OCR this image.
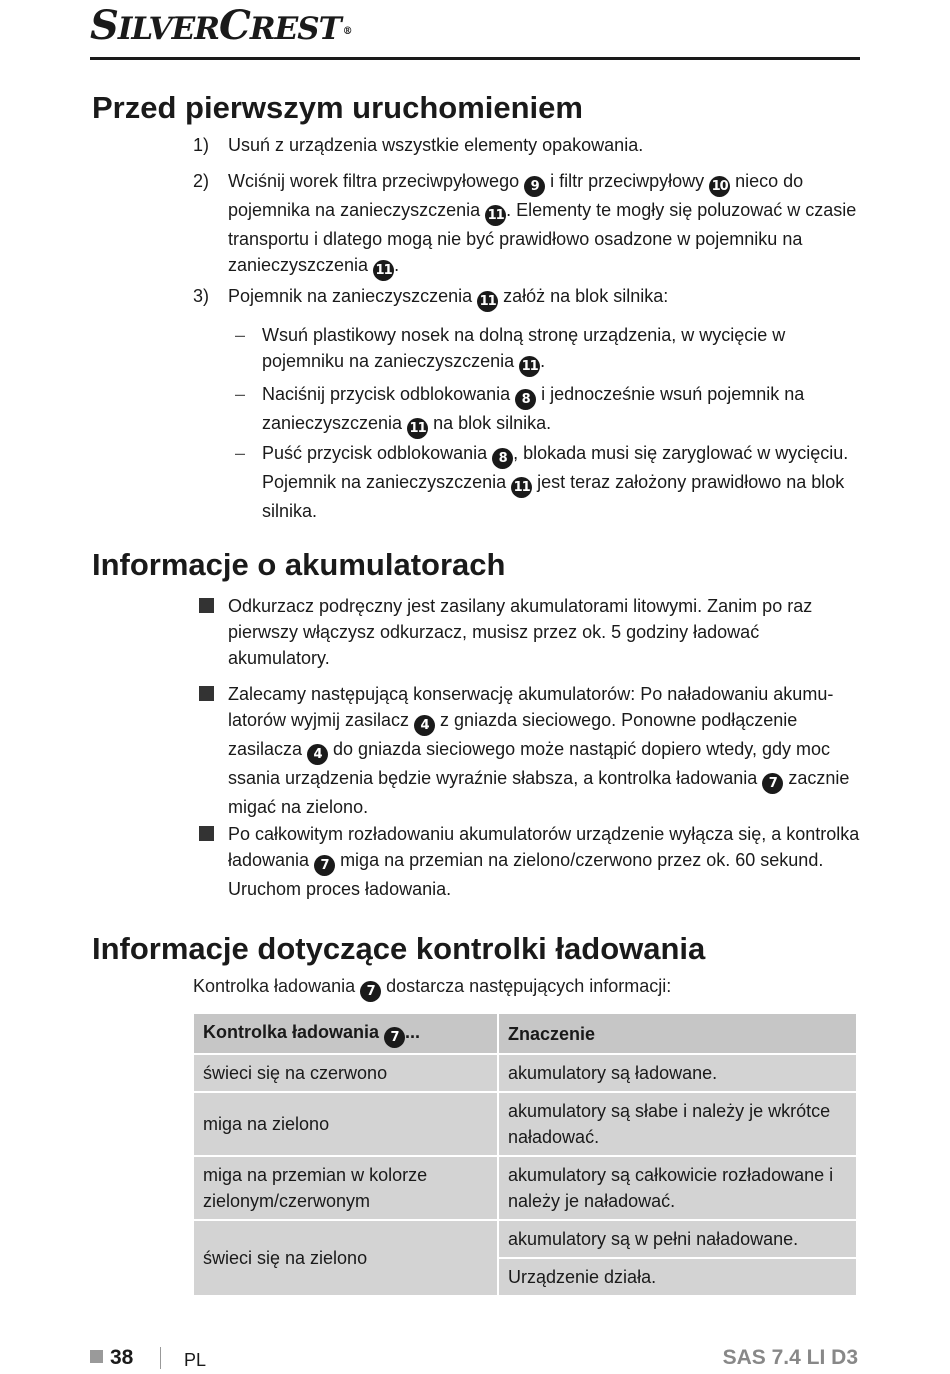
SILVERCREST ®
Przed pierwszym uruchomieniem
1) Usuń z urządzenia wszystkie elementy opakowania.
2) Wciśnij worek filtra przeciwpyłowego 9 i filtr przeciwpyłowy 10 nieco do pojemnika na zanieczyszczenia 11 . Elementy te mogły się poluzować w czasie transportu i dlatego mogą nie być prawidłowo osadzone w pojemniku na zanieczyszczenia 11 .
3) Pojemnik na zanieczyszczenia 11 załóż na blok silnika:
– Wsuń plastikowy nosek na dolną stronę urządzenia, w wycięcie w pojemniku na zanieczyszczenia 11 .
– Naciśnij przycisk odblokowania 8 i jednocześnie wsuń pojemnik na zanieczyszczenia 11 na blok silnika.
– Puść przycisk odblokowania 8 , blokada musi się zaryglować w wycięciu. Pojemnik na zanieczyszczenia 11 jest teraz założony prawidłowo na blok silnika.
Informacje o akumulatorach
Odkurzacz podręczny jest zasilany akumulatorami litowymi. Zanim po raz pierwszy włączysz odkurzacz, musisz przez ok. 5 godziny ładować akumulatory.
Zalecamy następującą konserwację akumulatorów: Po naładowaniu akumu-latorów wyjmij zasilacz 4 z gniazda sieciowego. Ponowne podłączenie zasilacza 4 do gniazda sieciowego może nastąpić dopiero wtedy, gdy moc ssania urządzenia będzie wyraźnie słabsza, a kontrolka ładowania 7 zacznie migać na zielono.
Po całkowitym rozładowaniu akumulatorów urządzenie wyłącza się, a kontrolka ładowania 7 miga na przemian na zielono/czerwono przez ok. 60 sekund. Uruchom proces ładowania.
Informacje dotyczące kontrolki ładowania
Kontrolka ładowania 7 dostarcza następujących informacji:
Kontrolka ładowania 7 ...	Znaczenie
świeci się na czerwono	akumulatory są ładowane.
miga na zielono	akumulatory są słabe i należy je wkrótce naładować.
miga na przemian w kolorze zielonym/czerwonym	akumulatory są całkowicie rozładowane i należy je naładować.
świeci się na zielono	akumulatory są w pełni naładowane.
	Urządzenie działa.
38	PL	SAS 7.4 LI D3
